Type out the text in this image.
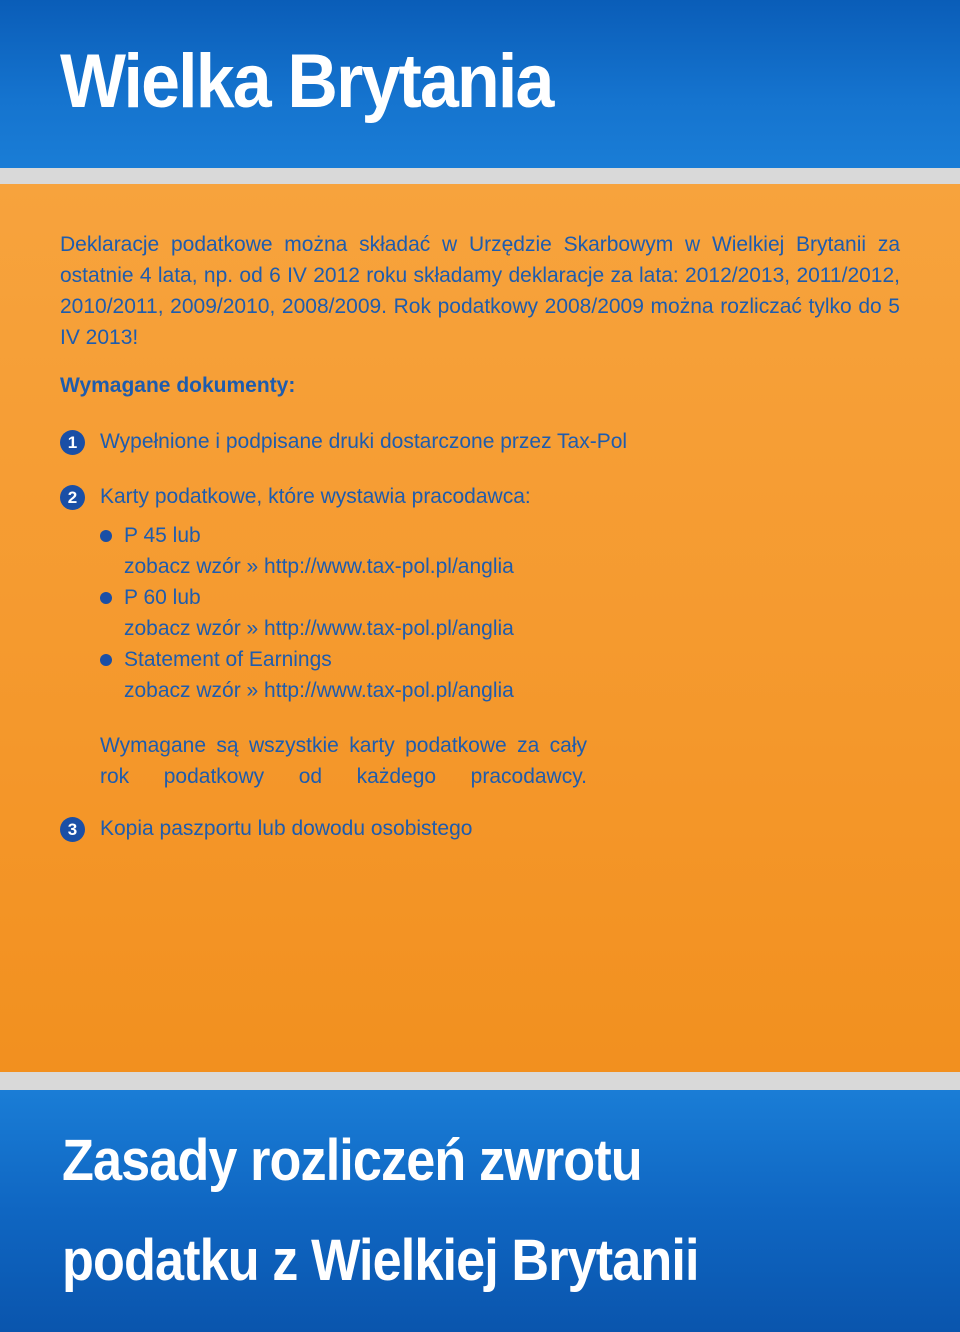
Wielka Brytania

Deklaracje podatkowe można składać w Urzędzie Skarbowym w Wielkiej Brytanii za ostatnie 4 lata, np. od 6 IV 2012 roku składamy deklaracje za lata: 2012/2013, 2011/2012, 2010/2011, 2009/2010, 2008/2009. Rok podatkowy 2008/2009 można rozliczać tylko do 5 IV 2013!

Wymagane dokumenty:

1	Wypełnione i podpisane druki dostarczone przez Tax-Pol

2	Karty podatkowe, które wystawia pracodawca:

P 45 lub

zobacz wzór » http://www.tax-pol.pl/anglia

P 60 lub

zobacz wzór » http://www.tax-pol.pl/anglia

Statement of Earnings

zobacz wzór » http://www.tax-pol.pl/anglia

Wymagane są wszystkie karty podatkowe za cały rok podatkowy od każdego pracodawcy.

3	Kopia paszportu lub dowodu osobistego

Zasady rozliczeń zwrotu

podatku z Wielkiej Brytanii
